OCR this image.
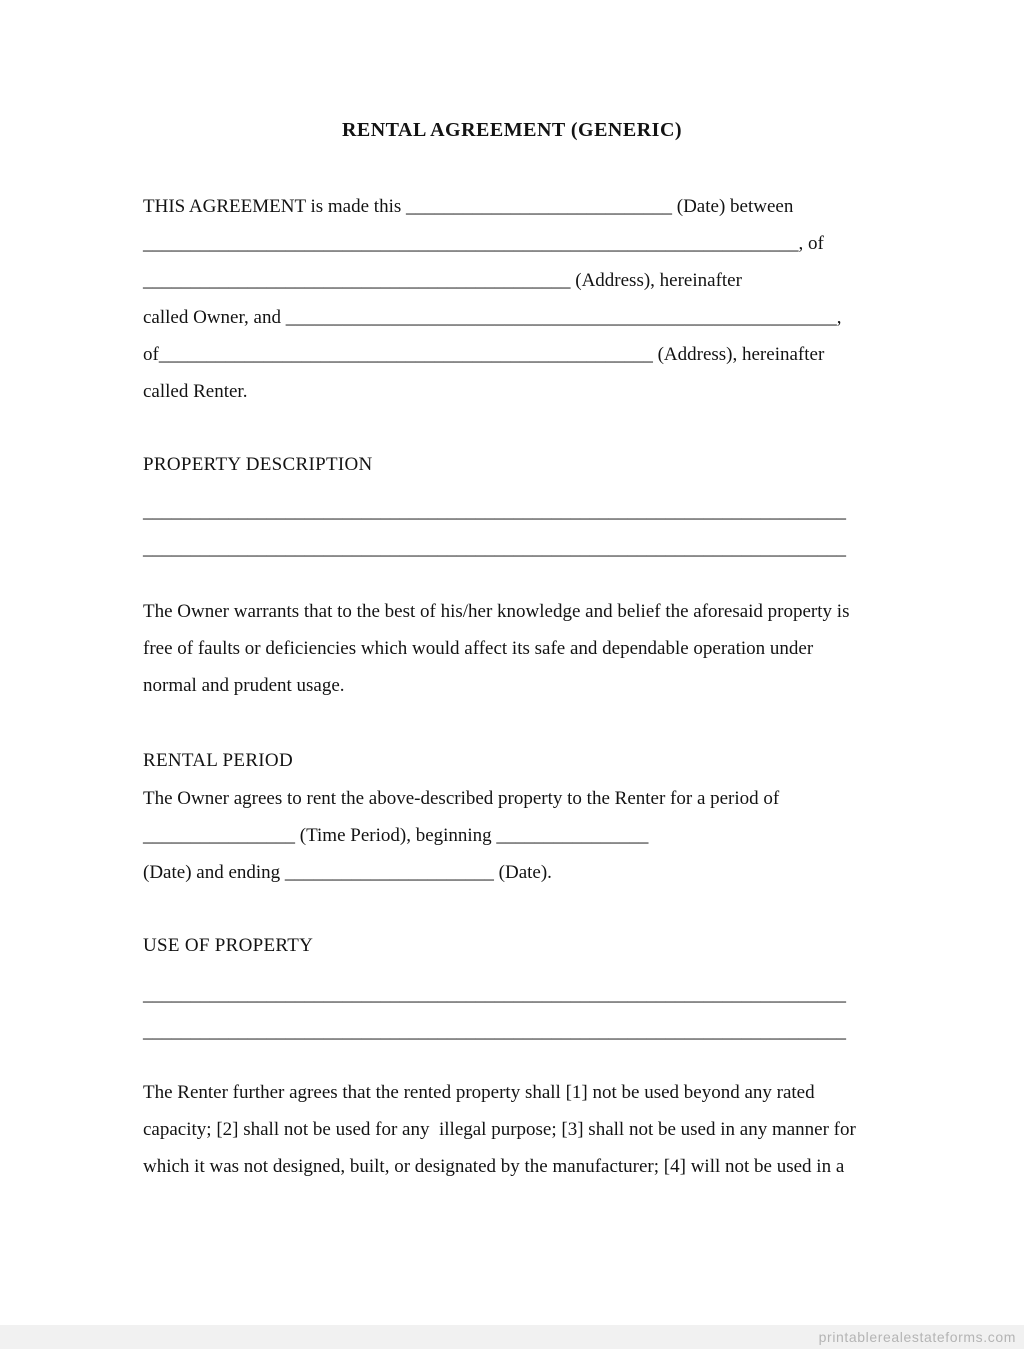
RENTAL AGREEMENT (GENERIC)
THIS AGREEMENT is made this ____________________________ (Date) between
_____________________________________________________________________, of
_____________________________________________ (Address), hereinafter
called Owner, and __________________________________________________________,
of____________________________________________________ (Address), hereinafter
called Renter.
PROPERTY DESCRIPTION
__________________________________________________________________________
__________________________________________________________________________
The Owner warrants that to the best of his/her knowledge and belief the aforesaid property is
free of faults or deficiencies which would affect its safe and dependable operation under
normal and prudent usage.
RENTAL PERIOD
The Owner agrees to rent the above-described property to the Renter for a period of
________________ (Time Period), beginning ________________
(Date) and ending ______________________ (Date).
USE OF PROPERTY
__________________________________________________________________________
__________________________________________________________________________
The Renter further agrees that the rented property shall [1] not be used beyond any rated
capacity; [2] shall not be used for any  illegal purpose; [3] shall not be used in any manner for
which it was not designed, built, or designated by the manufacturer; [4] will not be used in a
printablerealestateforms.com
